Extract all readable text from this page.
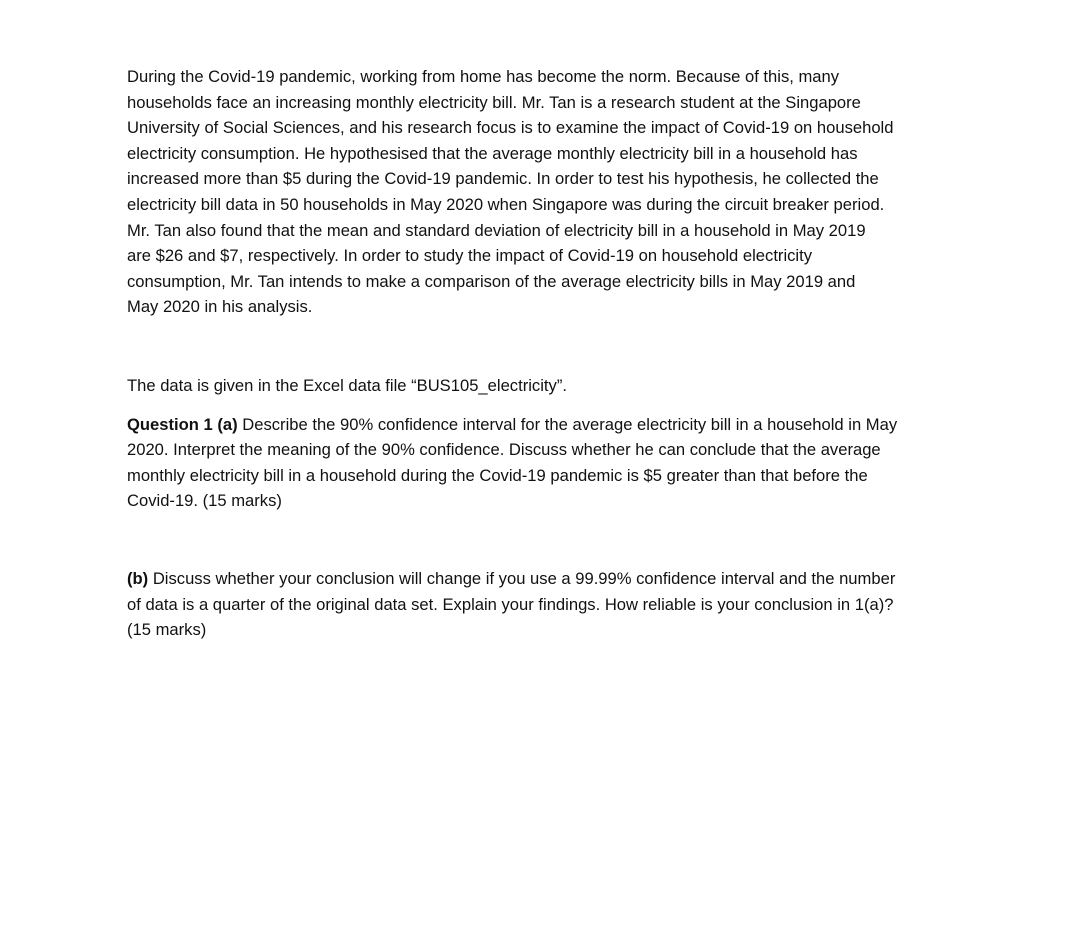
During the Covid-19 pandemic, working from home has become the norm. Because of this, many
households face an increasing monthly electricity bill. Mr. Tan is a research student at the Singapore
University of Social Sciences, and his research focus is to examine the impact of Covid-19 on household
electricity consumption. He hypothesised that the average monthly electricity bill in a household has
increased more than $5 during the Covid-19 pandemic. In order to test his hypothesis, he collected the
electricity bill data in 50 households in May 2020 when Singapore was during the circuit breaker period.
Mr. Tan also found that the mean and standard deviation of electricity bill in a household in May 2019
are $26 and $7, respectively. In order to study the impact of Covid-19 on household electricity
consumption, Mr. Tan intends to make a comparison of the average electricity bills in May 2019 and
May 2020 in his analysis.

The data is given in the Excel data file “BUS105_electricity”.

Question 1 (a) Describe the 90% confidence interval for the average electricity bill in a household in May
2020. Interpret the meaning of the 90% confidence. Discuss whether he can conclude that the average
monthly electricity bill in a household during the Covid-19 pandemic is $5 greater than that before the
Covid-19. (15 marks)

(b) Discuss whether your conclusion will change if you use a 99.99% confidence interval and the number
of data is a quarter of the original data set. Explain your findings. How reliable is your conclusion in 1(a)?
(15 marks)
